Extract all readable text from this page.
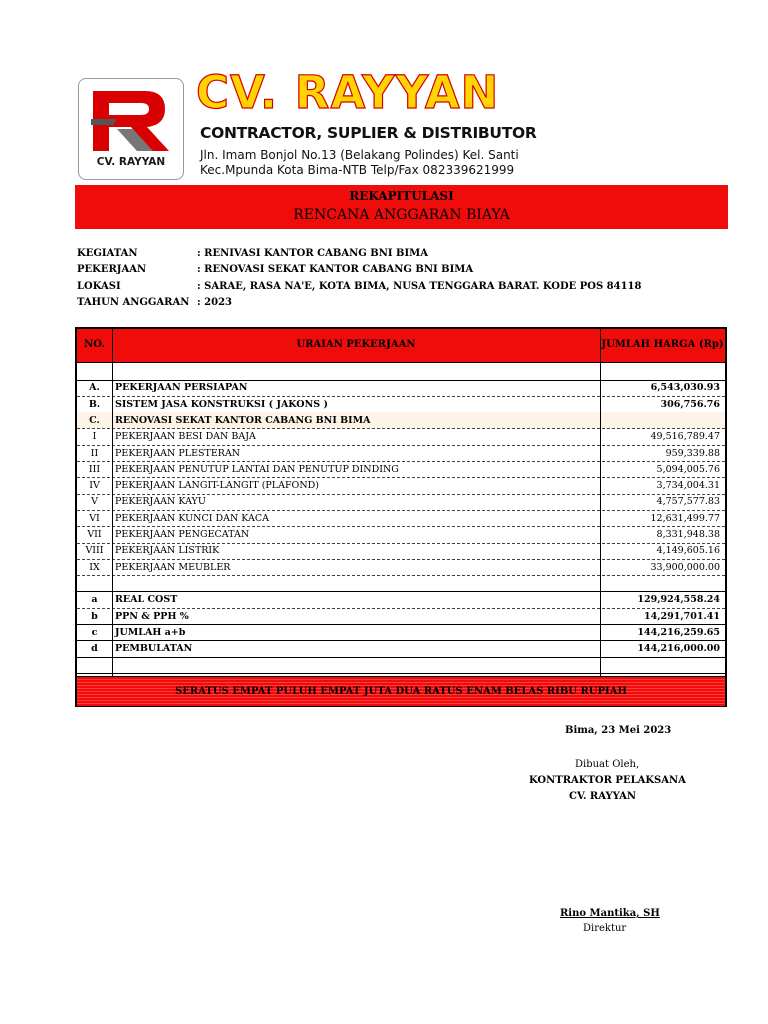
CV. RAYYAN
CV. RAYYAN
CONTRACTOR, SUPLIER & DISTRIBUTOR
Jln. Imam Bonjol No.13 (Belakang Polindes) Kel. Santi
Kec.Mpunda Kota Bima-NTB Telp/Fax 082339621999
REKAPITULASI
RENCANA ANGGARAN BIAYA
KEGIATAN	: RENIVASI KANTOR CABANG BNI BIMA
PEKERJAAN	: RENOVASI SEKAT KANTOR CABANG BNI BIMA
LOKASI	: SARAE, RASA NA'E, KOTA BIMA, NUSA TENGGARA BARAT. KODE POS 84118
TAHUN ANGGARAN : 2023
NO.	URAIAN PEKERJAAN	JUMLAH HARGA (Rp)
A.	PEKERJAAN PERSIAPAN	6,543,030.93
B.	SISTEM JASA KONSTRUKSI ( JAKONS )	306,756.76
C.	RENOVASI SEKAT KANTOR CABANG BNI BIMA
I	PEKERJAAN BESI DAN BAJA	49,516,789.47
II	PEKERJAAN PLESTERAN	959,339.88
III	PEKERJAAN PENUTUP LANTAI DAN PENUTUP DINDING	5,094,005.76
IV	PEKERJAAN LANGIT-LANGIT (PLAFOND)	3,734,004.31
V	PEKERJAAN KAYU	4,757,577.83
VI	PEKERJAAN KUNCI DAN KACA	12,631,499.77
VII	PEKERJAAN PENGECATAN	8,331,948.38
VIII	PEKERJAAN LISTRIK	4,149,605.16
IX	PEKERJAAN MEUBLER	33,900,000.00
a	REAL COST	129,924,558.24
b	PPN & PPH %	14,291,701.41
c	JUMLAH a+b	144,216,259.65
d	PEMBULATAN	144,216,000.00
SERATUS EMPAT PULUH EMPAT JUTA DUA RATUS ENAM BELAS RIBU RUPIAH
Bima, 23 Mei 2023
Dibuat Oleh,
KONTRAKTOR PELAKSANA
CV. RAYYAN
Rino Mantika, SH
Direktur
